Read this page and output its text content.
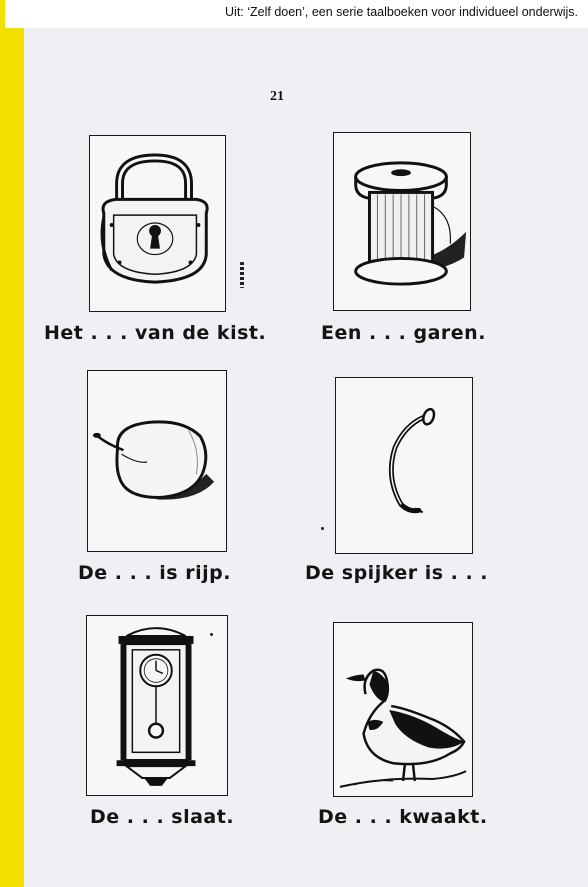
Uit: ‘Zelf doen’, een serie taalboeken voor individueel onderwijs.
21
Het . . . van de kist.	Een . . . garen.
De . . . is rijp.	De spijker is . . .
De . . . slaat.	De . . . kwaakt.
